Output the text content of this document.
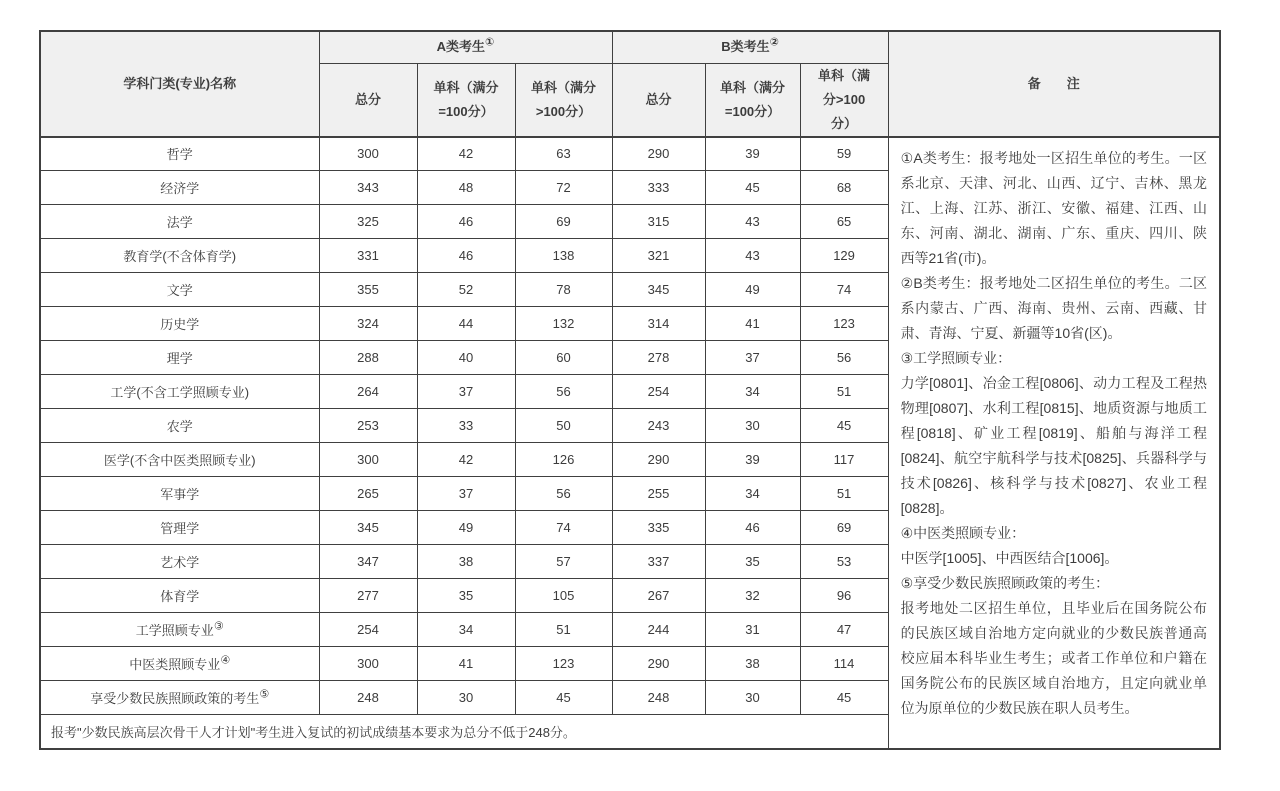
学科门类(专业)名称	A类考生①			B类考生②			备　　注
	总分	单科（满分=100分）	单科（满分>100分）	总分	单科（满分=100分）	单科（满分>100分）	
哲学	300	42	63	290	39	59	①A类考生：报考地处一区招生单位的考生。一区系北京、天津、河北、山西、辽宁、吉林、黑龙江、上海、江苏、浙江、安徽、福建、江西、山东、河南、湖北、湖南、广东、重庆、四川、陕西等21省(市)。

②B类考生：报考地处二区招生单位的考生。二区系内蒙古、广西、海南、贵州、云南、西藏、甘肃、青海、宁夏、新疆等10省(区)。

③工学照顾专业：

力学[0801]、冶金工程[0806]、动力工程及工程热物理[0807]、水利工程[0815]、地质资源与地质工程[0818]、矿业工程[0819]、船舶与海洋工程[0824]、航空宇航科学与技术[0825]、兵器科学与技术[0826]、核科学与技术[0827]、农业工程[0828]。

④中医类照顾专业：

中医学[1005]、中西医结合[1006]。

⑤享受少数民族照顾政策的考生：

报考地处二区招生单位，且毕业后在国务院公布的民族区域自治地方定向就业的少数民族普通高校应届本科毕业生考生；或者工作单位和户籍在国务院公布的民族区域自治地方，且定向就业单位为原单位的少数民族在职人员考生。

经济学	343	48	72	333	45	68	
法学	325	46	69	315	43	65	
教育学(不含体育学)	331	46	138	321	43	129	
文学	355	52	78	345	49	74	
历史学	324	44	132	314	41	123	
理学	288	40	60	278	37	56	
工学(不含工学照顾专业)	264	37	56	254	34	51	
农学	253	33	50	243	30	45	
医学(不含中医类照顾专业)	300	42	126	290	39	117	
军事学	265	37	56	255	34	51	
管理学	345	49	74	335	46	69	
艺术学	347	38	57	337	35	53	
体育学	277	35	105	267	32	96	
工学照顾专业③	254	34	51	244	31	47	
中医类照顾专业④	300	41	123	290	38	114	
享受少数民族照顾政策的考生⑤	248	30	45	248	30	45	
报考"少数民族高层次骨干人才计划"考生进入复试的初试成绩基本要求为总分不低于248分。							
